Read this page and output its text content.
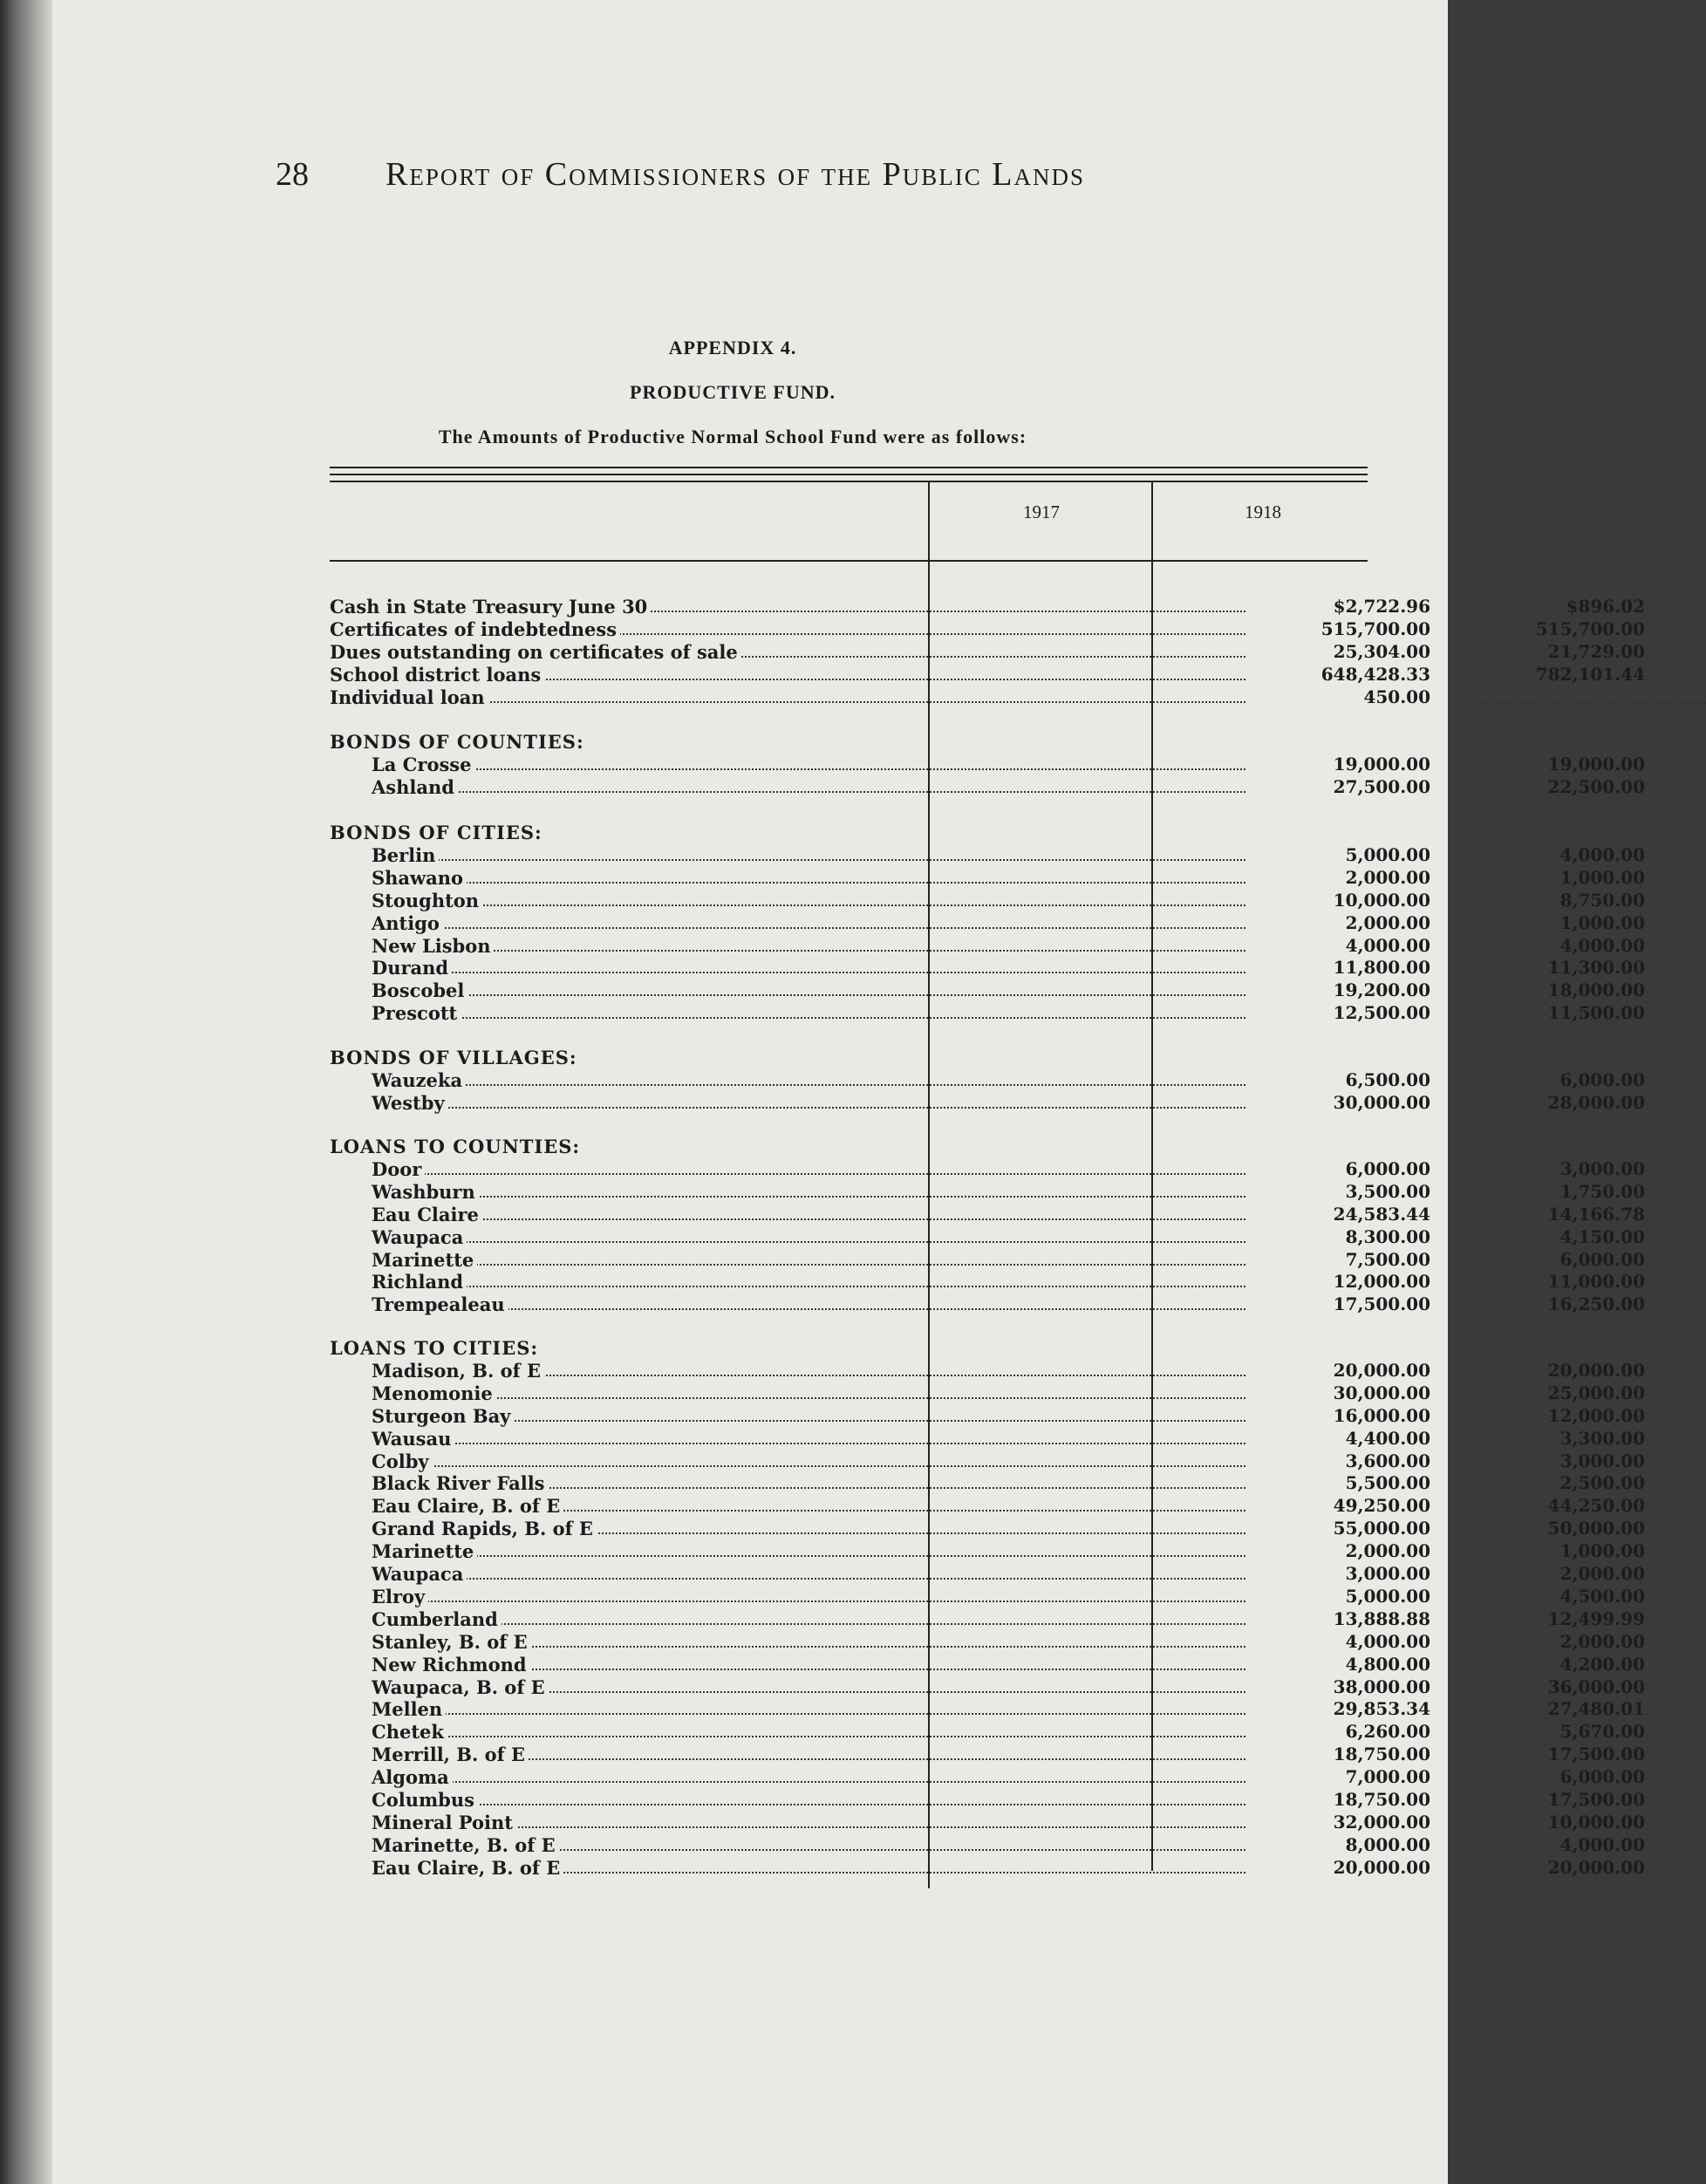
28 Report of Commissioners of the Public Lands
APPENDIX 4.
PRODUCTIVE FUND.
The Amounts of Productive Normal School Fund were as follows:
1917	1918
Cash in State Treasury June 30	$2,722.96	$896.02
Certificates of indebtedness	515,700.00	515,700.00
Dues outstanding on certificates of sale	25,304.00	21,729.00
School district loans	648,428.33	782,101.44
Individual loan	450.00
BONDS OF COUNTIES:
La Crosse	19,000.00	19,000.00
Ashland	27,500.00	22,500.00
BONDS OF CITIES:
Berlin	5,000.00	4,000.00
Shawano	2,000.00	1,000.00
Stoughton	10,000.00	8,750.00
Antigo	2,000.00	1,000.00
New Lisbon	4,000.00	4,000.00
Durand	11,800.00	11,300.00
Boscobel	19,200.00	18,000.00
Prescott	12,500.00	11,500.00
BONDS OF VILLAGES:
Wauzeka	6,500.00	6,000.00
Westby	30,000.00	28,000.00
LOANS TO COUNTIES:
Door	6,000.00	3,000.00
Washburn	3,500.00	1,750.00
Eau Claire	24,583.44	14,166.78
Waupaca	8,300.00	4,150.00
Marinette	7,500.00	6,000.00
Richland	12,000.00	11,000.00
Trempealeau	17,500.00	16,250.00
LOANS TO CITIES:
Madison, B. of E	20,000.00	20,000.00
Menomonie	30,000.00	25,000.00
Sturgeon Bay	16,000.00	12,000.00
Wausau	4,400.00	3,300.00
Colby	3,600.00	3,000.00
Black River Falls	5,500.00	2,500.00
Eau Claire, B. of E	49,250.00	44,250.00
Grand Rapids, B. of E	55,000.00	50,000.00
Marinette	2,000.00	1,000.00
Waupaca	3,000.00	2,000.00
Elroy	5,000.00	4,500.00
Cumberland	13,888.88	12,499.99
Stanley, B. of E	4,000.00	2,000.00
New Richmond	4,800.00	4,200.00
Waupaca, B. of E	38,000.00	36,000.00
Mellen	29,853.34	27,480.01
Chetek	6,260.00	5,670.00
Merrill, B. of E	18,750.00	17,500.00
Algoma	7,000.00	6,000.00
Columbus	18,750.00	17,500.00
Mineral Point	32,000.00	10,000.00
Marinette, B. of E	8,000.00	4,000.00
Eau Claire, B. of E	20,000.00	20,000.00
